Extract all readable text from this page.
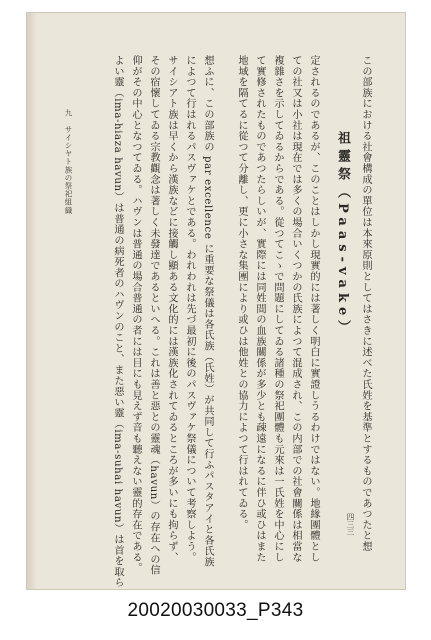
九　サイシヤト族の祭祀組織
四三三
よい靈（ima-hiaza havun）は普通の病死者のハヴンのこと、また惡い靈（ima-suhai havun）は首を取ら 仰がその中心となつてゐる。ハヴンは普通の場合普通の者には目にも見えず音も聽えない靈的存在である。 その宿懷してゐる宗教觀念は著しく未發達であるといへる。これは善と惡との靈魂（havun）の存在への信 サイシアト族は早くから漢族などに接觸し顯ある文化的には漢族化されてゐるところが多いにも拘らず、 によつて行はれるパスヴァケとである。われわれは先づ最初に後のパスヴァケ祭儀について考察しよう。 想ふに、この部族の par excellence に重要な祭儀は各氏族（氏姓）が共同して行ふパスタアイと各氏族 地域を隔てるに從つて分離し、更に小さな集團により或ひは他姓との協力によつて行はれてゐる。 て實修されたものであつたらしいが、實際には同姓間の血族關係が多少とも疎遠になるに伴ひ或ひはまた 複雜さを示してゐるからである。從つてこゝで問題にしてゐる諸種の祭祀團體も元來は一氏姓を中心にし ての社又は小社は現在では多くの場合いくつかの氏族によつて混成され、この内部での社會關係は相當な 定されるのであるが、このことはしかし現實的には著しく明白に實證しうるわけではない。地緣團體とし 祖靈祭（Paas-vake） この部族における社會構成の單位は本來原則としてはさきに述べた氏姓を基準とするものであつたと想
20020030033_P343
